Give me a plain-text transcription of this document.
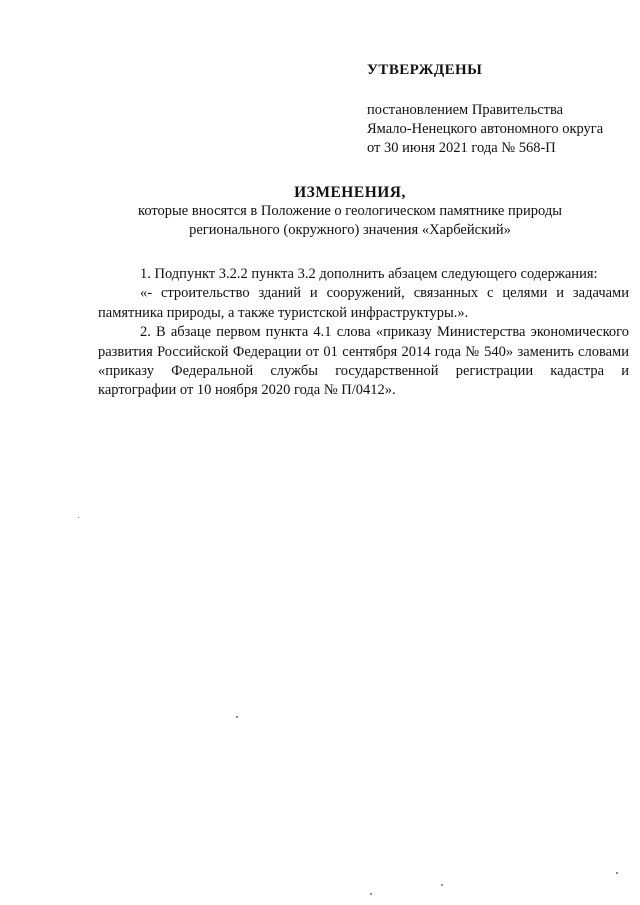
УТВЕРЖДЕНЫ
постановлением Правительства
Ямало-Ненецкого автономного округа
от 30 июня 2021 года № 568-П
ИЗМЕНЕНИЯ,
которые вносятся в Положение о геологическом памятнике природы
регионального (окружного) значения «Харбейский»

1. Подпункт 3.2.2 пункта 3.2 дополнить абзацем следующего содержания:

«- строительство зданий и сооружений, связанных с целями и задачами памятника природы, а также туристской инфраструктуры.».

2. В абзаце первом пункта 4.1 слова «приказу Министерства экономического развития Российской Федерации от 01 сентября 2014 года № 540» заменить словами «приказу Федеральной службы государственной регистрации кадастра и картографии от 10 ноября 2020 года № П/0412».
